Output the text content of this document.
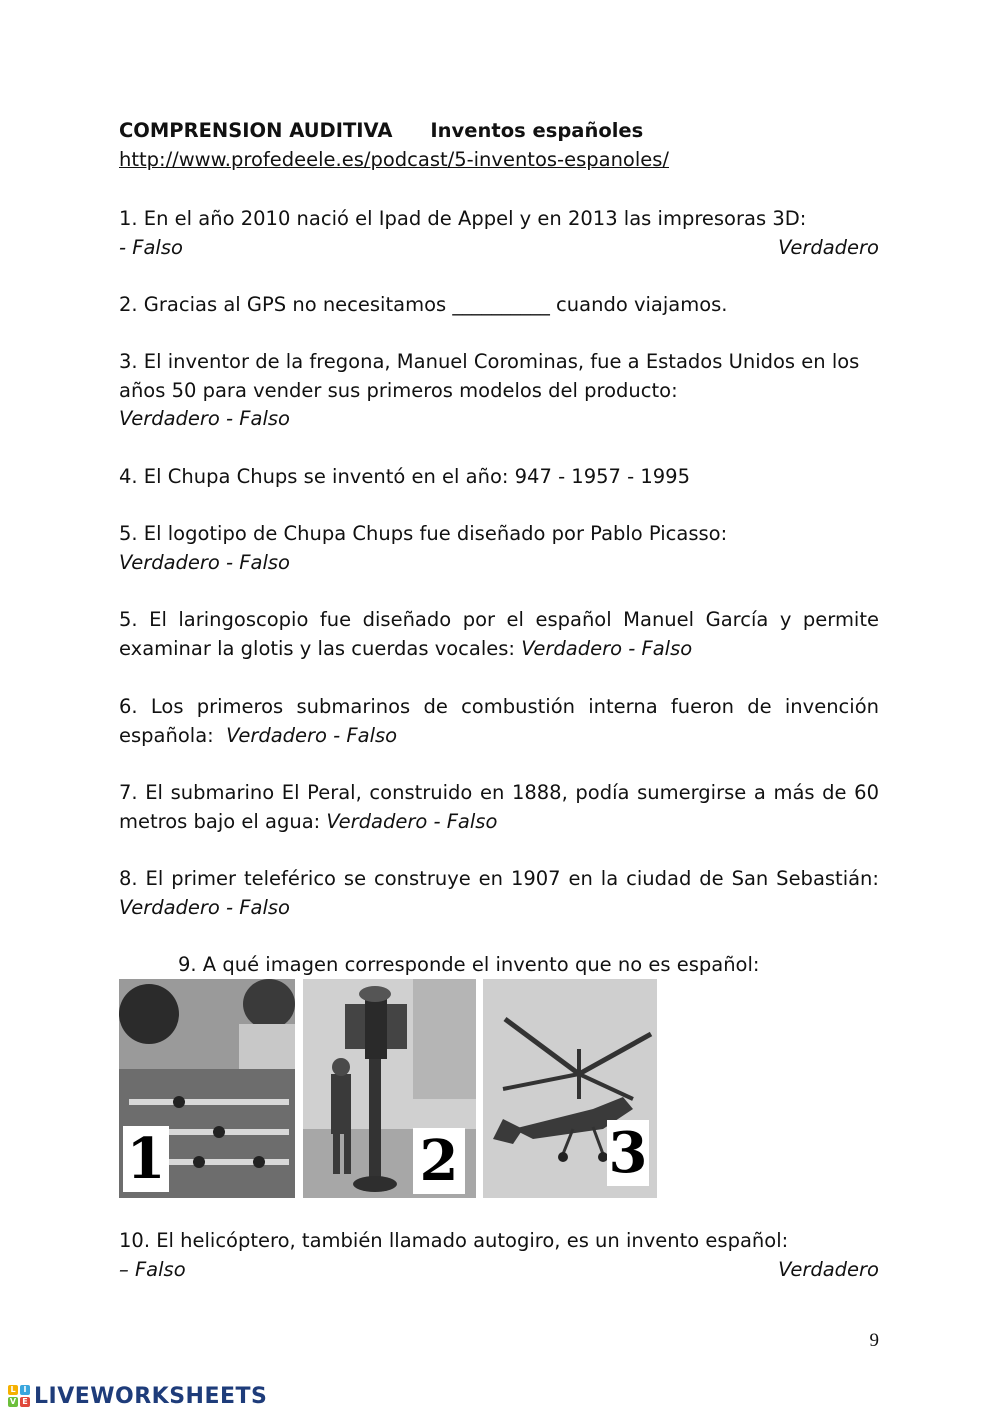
COMPRENSION AUDITIVA Inventos españoles
http://www.profedeele.es/podcast/5-inventos-espanoles/
1. En el año 2010 nació el Ipad de Appel y en 2013 las impresoras 3D:
Verdadero

- Falso
2. Gracias al GPS no necesitamos __________ cuando viajamos.
3. El inventor de la fregona, Manuel Corominas, fue a Estados Unidos en los años 50 para vender sus primeros modelos del producto:
Verdadero - Falso
4. El Chupa Chups se inventó en el año: 947 - 1957 - 1995
5. El logotipo de Chupa Chups fue diseñado por Pablo Picasso:
Verdadero - Falso
5. El laringoscopio fue diseñado por el español Manuel García y permite examinar la glotis y las cuerdas vocales: Verdadero - Falso
6. Los primeros submarinos de combustión interna fueron de invención española: Verdadero - Falso
7. El submarino El Peral, construido en 1888, podía sumergirse a más de 60 metros bajo el agua: Verdadero - Falso
8. El primer teleférico se construye en 1907 en la ciudad de San Sebastián: Verdadero - Falso
9. A qué imagen corresponde el invento que no es español:
1	2	3
10. El helicóptero, también llamado autogiro, es un invento español:
Verdadero

– Falso
9
L I
V E LIVEWORKSHEETS
